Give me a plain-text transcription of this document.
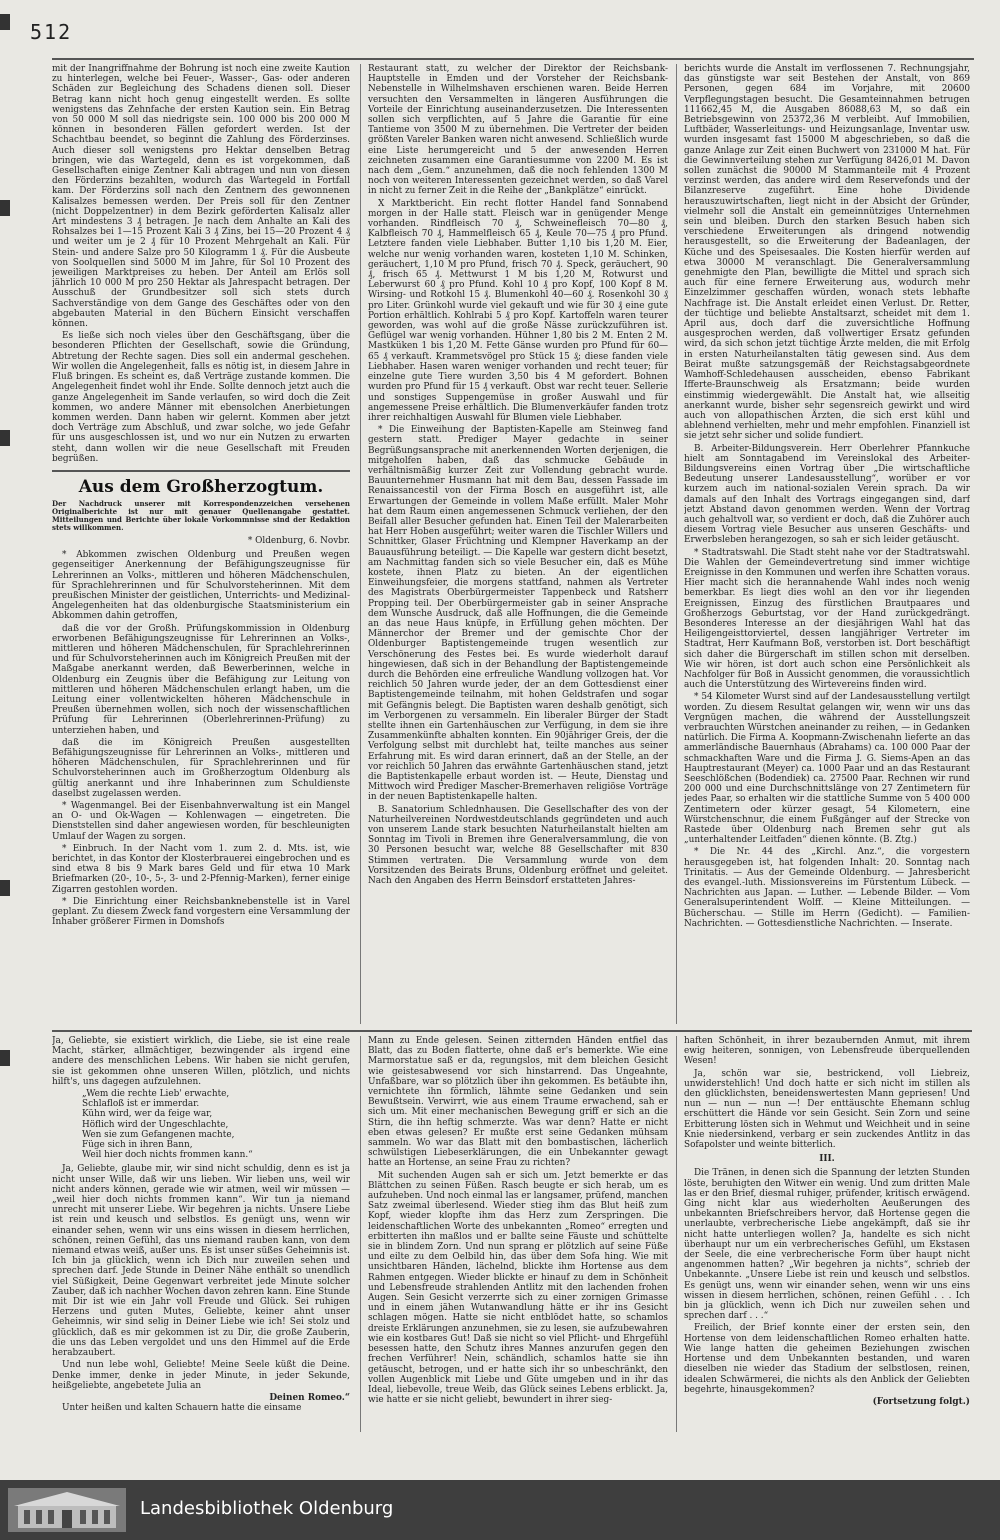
512

mit der Inangriffnahme der Bohrung ist noch eine zweite Kaution zu hinterlegen, welche bei Feuer-, Wasser-, Gas- oder anderen Schäden zur Begleichung des Schadens dienen soll. Dieser Betrag kann nicht hoch genug eingestellt werden. Es sollte wenigstens das Zehnfache der ersten Kaution sein. Ein Betrag von 50 000 M soll das niedrigste sein. 100 000 bis 200 000 M können in besonderen Fällen gefordert werden. Ist der Schachtbau beendet, so beginnt die Zahlung des Förderzinses. Auch dieser soll wenigstens pro Hektar denselben Betrag bringen, wie das Wartegeld, denn es ist vorgekommen, daß Gesellschaften einige Zentner Kali abtragen und nun von diesen den Förderzins bezahlten, wodurch das Wartegeld in Fortfall kam. Der Förderzins soll nach den Zentnern des gewonnenen Kalisalzes bemessen werden. Der Preis soll für den Zentner (nicht Doppelzentner) in dem Bezirk geförderten Kalisalz aller Art mindestens 3 ₰ betragen. Je nach dem Anhalte an Kali des Rohsalzes bei 1—15 Prozent Kali 3 ₰ Zins, bei 15—20 Prozent 4 ₰ und weiter um je 2 ₰ für 10 Prozent Mehrgehalt an Kali. Für Stein- und andere Salze pro 50 Kilogramm 1 ₰. Für die Ausbeute von Soolquellen sind 5000 M im Jahre, für Sol 10 Prozent des jeweiligen Marktpreises zu heben. Der Anteil am Erlös soll jährlich 10 000 M pro 250 Hektar als Jahrespacht betragen. Der Ausschuß der Grundbesitzer soll sich stets durch Sachverständige von dem Gange des Geschäftes oder von den abgebauten Material in den Büchern Einsicht verschaffen können.

Es ließe sich noch vieles über den Geschäftsgang, über die besonderen Pflichten der Gesellschaft, sowie die Gründung, Abtretung der Rechte sagen. Dies soll ein andermal geschehen. Wir wollen die Angelegenheit, falls es nötig ist, in diesem Jahre in Fluß bringen. Es scheint es, daß Verträge zustande kommen. Die Angelegenheit findet wohl ihr Ende. Sollte dennoch jetzt auch die ganze Angelegenheit im Sande verlaufen, so wird doch die Zeit kommen, wo andere Männer mit ebensolchen Anerbietungen kommen werden. Dann haben wir gelernt. Kommen aber jetzt doch Verträge zum Abschluß, und zwar solche, wo jede Gefahr für uns ausgeschlossen ist, und wo nur ein Nutzen zu erwarten steht, dann wollen wir die neue Gesellschaft mit Freuden begrüßen.

Aus dem Großherzogtum.
Der Nachdruck unserer mit Korrespondenzzeichen versehenen Originalberichte ist nur mit genauer Quellenangabe gestattet. Mitteilungen und Berichte über lokale Vorkommnisse sind der Redaktion stets willkommen.
* Oldenburg, 6. Novbr.

* Abkommen zwischen Oldenburg und Preußen wegen gegenseitiger Anerkennung der Befähigungszeugnisse für Lehrerinnen an Volks-, mittleren und höheren Mädchenschulen, für Sprachlehrerinnen und für Schulvorsteherinnen. Mit dem preußischen Minister der geistlichen, Unterrichts- und Medizinal-Angelegenheiten hat das oldenburgische Staatsministerium ein Abkommen dahin getroffen,

daß die vor der Großh. Prüfungskommission in Oldenburg erworbenen Befähigungszeugnisse für Lehrerinnen an Volks-, mittleren und höheren Mädchenschulen, für Sprachlehrerinnen und für Schulvorsteherinnen auch im Königreich Preußen mit der Maßgabe anerkannt werden, daß Bewerberinnen, welche in Oldenburg ein Zeugnis über die Befähigung zur Leitung von mittleren und höheren Mädchenschulen erlangt haben, um die Leitung einer vollentwickelten höheren Mädchenschule in Preußen übernehmen wollen, sich noch der wissenschaftlichen Prüfung für Lehrerinnen (Oberlehrerinnen-Prüfung) zu unterziehen haben, und

daß die im Königreich Preußen ausgestellten Befähigungszeugnisse für Lehrerinnen an Volks-, mittleren und höheren Mädchenschulen, für Sprachlehrerinnen und für Schulvorsteherinnen auch im Großherzogtum Oldenburg als gültig anerkannt und ihre Inhaberinnen zum Schuldienste daselbst zugelassen werden.

* Wagenmangel. Bei der Eisenbahnverwaltung ist ein Mangel an O- und Ok-Wagen — Kohlenwagen — eingetreten. Die Dienststellen sind daher angewiesen worden, für beschleunigten Umlauf der Wagen zu sorgen.

* Einbruch. In der Nacht vom 1. zum 2. d. Mts. ist, wie berichtet, in das Kontor der Klosterbrauerei eingebrochen und es sind etwa 8 bis 9 Mark bares Geld und für etwa 10 Mark Briefmarken (20-, 10-, 5-, 3- und 2-Pfennig-Marken), ferner einige Zigarren gestohlen worden.

* Die Einrichtung einer Reichsbanknebenstelle ist in Varel geplant. Zu diesem Zweck fand vorgestern eine Versammlung der Inhaber größerer Firmen in Domshofs

Restaurant statt, zu welcher der Direktor der Reichsbank-Hauptstelle in Emden und der Vorsteher der Reichsbank-Nebenstelle in Wilhelmshaven erschienen waren. Beide Herren versuchten den Versammelten in längeren Ausführungen die Vorteile der Einrichtung auseinanderzusetzen. Die Interessenten sollen sich verpflichten, auf 5 Jahre die Garantie für eine Tantieme von 3500 M zu übernehmen. Die Vertreter der beiden größten Vareler Banken waren nicht anwesend. Schließlich wurde eine Liste herumgereicht und 5 der anwesenden Herren zeichneten zusammen eine Garantiesumme von 2200 M. Es ist nach dem „Gem.“ anzunehmen, daß die noch fehlenden 1300 M noch von weiteren Interessenten gezeichnet werden, so daß Varel in nicht zu ferner Zeit in die Reihe der „Bankplätze“ einrückt.

X Marktbericht. Ein recht flotter Handel fand Sonnabend morgen in der Halle statt. Fleisch war in genügender Menge vorhanden. Rindfleisch 70 ₰, Schweinefleisch 70—80 ₰, Kalbfleisch 70 ₰, Hammelfleisch 65 ₰, Keule 70—75 ₰ pro Pfund. Letztere fanden viele Liebhaber. Butter 1,10 bis 1,20 M. Eier, welche nur wenig vorhanden waren, kosteten 1,10 M. Schinken, geräuchert, 1,10 M pro Pfund, frisch 70 ₰. Speck, geräuchert, 90 ₰, frisch 65 ₰. Mettwurst 1 M bis 1,20 M, Rotwurst und Leberwurst 60 ₰ pro Pfund. Kohl 10 ₰ pro Kopf, 100 Kopf 8 M. Wirsing- und Rotkohl 15 ₰. Blumenkohl 40—60 ₰. Rosenkohl 30 ₰ pro Liter. Grünkohl wurde viel gekauft und wie für 30 ₰ eine gute Portion erhältlich. Kohlrabi 5 ₰ pro Kopf. Kartoffeln waren teurer geworden, was wohl auf die große Nässe zurückzuführen ist. Geflügel war wenig vorhanden. Hühner 1,80 bis 2 M. Enten 2 M. Mastküken 1 bis 1,20 M. Fette Gänse wurden pro Pfund für 60—65 ₰ verkauft. Krammetsvögel pro Stück 15 ₰; diese fanden viele Liebhaber. Hasen waren weniger vorhanden und recht teuer; für einzelne gute Tiere wurden 3,50 bis 4 M gefordert. Bohnen wurden pro Pfund für 15 ₰ verkauft. Obst war recht teuer. Sellerie und sonstiges Suppengemüse in großer Auswahl und für angemessene Preise erhältlich. Die Blumenverkäufer fanden trotz ihrer reichhaltigen Auswahl für Blumen viele Liebhaber.

* Die Einweihung der Baptisten-Kapelle am Steinweg fand gestern statt. Prediger Mayer gedachte in seiner Begrüßungsansprache mit anerkennenden Worten derjenigen, die mitgeholfen haben, daß das schmucke Gebäude in verhältnismäßig kurzer Zeit zur Vollendung gebracht wurde. Bauunternehmer Husmann hat mit dem Bau, dessen Fassade im Renaissancestil von der Firma Bosch en ausgeführt ist, alle Erwartungen der Gemeinde in vollem Maße erfüllt. Maler Mohr hat dem Raum einen angemessenen Schmuck verliehen, der den Beifall aller Besucher gefunden hat. Einen Teil der Malerarbeiten hat Herr Hoben ausgeführt; weiter waren die Tischler Willers und Schnittker, Glaser Früchtning und Klempner Haverkamp an der Bauausführung beteiligt. — Die Kapelle war gestern dicht besetzt, am Nachmittag fanden sich so viele Besucher ein, daß es Mühe kostete, ihnen Platz zu bieten. An der eigentlichen Einweihungsfeier, die morgens stattfand, nahmen als Vertreter des Magistrats Oberbürgermeister Tappenbeck und Ratsherr Propping teil. Der Oberbürgermeister gab in seiner Ansprache dem Wunsche Ausdruck, daß alle Hoffnungen, die die Gemeinde an das neue Haus knüpfe, in Erfüllung gehen möchten. Der Männerchor der Bremer und der gemischte Chor der Oldenburger Baptistengemeinde trugen wesentlich zur Verschönerung des Festes bei. Es wurde wiederholt darauf hingewiesen, daß sich in der Behandlung der Baptistengemeinde durch die Behörden eine erfreuliche Wandlung vollzogen hat. Vor reichlich 50 Jahren wurde jeder, der an dem Gottesdienst einer Baptistengemeinde teilnahm, mit hohen Geldstrafen und sogar mit Gefängnis belegt. Die Baptisten waren deshalb genötigt, sich im Verborgenen zu versammeln. Ein liberaler Bürger der Stadt stellte ihnen ein Gartenhäuschen zur Verfügung, in dem sie ihre Zusammenkünfte abhalten konnten. Ein 90jähriger Greis, der die Verfolgung selbst mit durchlebt hat, teilte manches aus seiner Erfahrung mit. Es wird daran erinnert, daß an der Stelle, an der vor reichlich 50 Jahren das erwähnte Gartenhäuschen stand, jetzt die Baptistenkapelle erbaut worden ist. — Heute, Dienstag und Mittwoch wird Prediger Mascher-Bremerhaven religiöse Vorträge in der neuen Baptistenkapelle halten.

B. Sanatorium Schlednhausen. Die Gesellschafter des von der Naturheilvereinen Nordwestdeutschlands gegründeten und auch von unserem Lande stark besuchten Naturheilanstalt hielten am Sonntag im Tivoli in Bremen ihre Generalversammlung, die von 30 Personen besucht war, welche 88 Gesellschafter mit 830 Stimmen vertraten. Die Versammlung wurde von dem Vorsitzenden des Beirats Bruns, Oldenburg eröffnet und geleitet. Nach den Angaben des Herrn Beinsdorf erstatteten Jahres-

berichts wurde die Anstalt im verflossenen 7. Rechnungsjahr, das günstigste war seit Bestehen der Anstalt, von 869 Personen, gegen 684 im Vorjahre, mit 20600 Verpflegungstagen besucht. Die Gesamteinnahmen betrugen 111662,45 M, die Ausgaben 86088,63 M, so daß ein Betriebsgewinn von 25372,36 M verbleibt. Auf Immobilien, Luftbäder, Wasserleitungs- und Heizungsanlage, Inventar usw. wurden insgesamt fast 15000 M abgeschrieben, so daß die ganze Anlage zur Zeit einen Buchwert von 231000 M hat. Für die Gewinnverteilung stehen zur Verfügung 8426,01 M. Davon sollen zunächst die 90000 M Stammanteile mit 4 Prozent verzinst werden, das andere wird dem Reservefonds und der Bilanzreserve zugeführt. Eine hohe Dividende herauszuwirtschaften, liegt nicht in der Absicht der Gründer, vielmehr soll die Anstalt ein gemeinnütziges Unternehmen sein und bleiben. Durch den starken Besuch haben sich verschiedene Erweiterungen als dringend notwendig herausgestellt, so die Erweiterung der Badeanlagen, der Küche und des Speisesaales. Die Kosten hierfür werden auf etwa 30000 M veranschlagt. Die Generalversammlung genehmigte den Plan, bewilligte die Mittel und sprach sich auch für eine fernere Erweiterung aus, wodurch mehr Einzelzimmer geschaffen würden, wonach stets lebhafte Nachfrage ist. Die Anstalt erleidet einen Verlust. Dr. Retter, der tüchtige und beliebte Anstaltsarzt, scheidet mit dem 1. April aus, doch darf die zuversichtliche Hoffnung ausgesprochen werden, daß vollwertiger Ersatz gefunden wird, da sich schon jetzt tüchtige Ärzte melden, die mit Erfolg in ersten Naturheilanstalten tätig gewesen sind. Aus dem Beirat mußte satzungsgemäß der Reichstagsabgeordnete Wamhoff-Schledehausen ausscheiden, ebenso Fabrikant Ifferte-Braunschweig als Ersatzmann; beide wurden einstimmig wiedergewählt. Die Anstalt hat, wie allseitig anerkannt wurde, bisher sehr segensreich gewirkt und wird auch von allopathischen Ärzten, die sich erst kühl und ablehnend verhielten, mehr und mehr empfohlen. Finanziell ist sie jetzt sehr sicher und solide fundiert.

B. Arbeiter-Bildungsverein. Herr Oberlehrer Pfannkuche hielt am Sonntagabend im Vereinslokal des Arbeiter-Bildungsvereins einen Vortrag über „Die wirtschaftliche Bedeutung unserer Landesausstellung“, worüber er vor kurzem auch im national-sozialen Verein sprach. Da wir damals auf den Inhalt des Vortrags eingegangen sind, darf jetzt Abstand davon genommen werden. Wenn der Vortrag auch gehaltvoll war, so verdient er doch, daß die Zuhörer auch diesem Vortrag viele Besucher aus unseren Geschäfts- und Erwerbsleben herangezogen, so sah er sich leider getäuscht.

* Stadtratswahl. Die Stadt steht nahe vor der Stadtratswahl. Die Wahlen der Gemeindevertretung sind immer wichtige Ereignisse in den Kommunen und werfen ihre Schatten voraus. Hier macht sich die herannahende Wahl indes noch wenig bemerkbar. Es liegt dies wohl an den vor ihr liegenden Ereignissen, Einzug des fürstlichen Brautpaares und Großherzogs Geburtstag, vor der Hand zurückgedrängt. Besonderes Interesse an der diesjährigen Wahl hat das Heiligengeisttorviertel, dessen langjähriger Vertreter im Stadtrat, Herr Kaufmann Boß, verstorben ist. Dort beschäftigt sich daher die Bürgerschaft im stillen schon mit derselben. Wie wir hören, ist dort auch schon eine Persönlichkeit als Nachfolger für Boß in Aussicht genommen, die voraussichtlich auch die Unterstützung des Wirtevereins finden wird.

* 54 Kilometer Wurst sind auf der Landesausstellung vertilgt worden. Zu diesem Resultat gelangen wir, wenn wir uns das Vergnügen machen, die während der Ausstellungszeit verbrauchten Würstchen aneinander zu reihen, — in Gedanken natürlich. Die Firma A. Koopmann-Zwischenahn lieferte an das ammerländische Bauernhaus (Abrahams) ca. 100 000 Paar der schmackhaften Ware und die Firma J. G. Siems-Apen an das Hauptrestaurant (Meyer) ca. 1000 Paar und an das Restaurant Seeschlößchen (Bodendiek) ca. 27500 Paar. Rechnen wir rund 200 000 und eine Durchschnittslänge von 27 Zentimetern für jedes Paar, so erhalten wir die stattliche Summe von 5 400 000 Zentimetern oder kürzer gesagt, 54 Kilometern, eine Würstchenschnur, die einem Fußgänger auf der Strecke von Rastede über Oldenburg nach Bremen sehr gut als „unterhaltender Leitfaden“ dienen könnte. (B. Ztg.)

* Die Nr. 44 des „Kirchl. Anz.“, die vorgestern herausgegeben ist, hat folgenden Inhalt: 20. Sonntag nach Trinitatis. — Aus der Gemeinde Oldenburg. — Jahresbericht des evangel.-luth. Missionsvereins im Fürstentum Lübeck. — Nachrichten aus Japan. — Luther. — Lebende Bilder. — Vom Generalsuperintendent Wolff. — Kleine Mitteilungen. — Bücherschau. — Stille im Herrn (Gedicht). — Familien-Nachrichten. — Gottesdienstliche Nachrichten. — Inserate.

Ja, Geliebte, sie existiert wirklich, die Liebe, sie ist eine reale Macht, stärker, allmächtiger, bezwingender als irgend eine andere des menschlichen Lebens. Wir haben sie nicht gerufen, sie ist gekommen ohne unseren Willen, plötzlich, und nichts hilft's, uns dagegen aufzulehnen.

„Wem die rechte Lieb' erwachte,
Schlafloß ist er immerdar.
Kühn wird, wer da feige war,
Höflich wird der Ungeschlachte,
Wen sie zum Gefangenen machte,
Füge sich in ihren Bann,
Weil hier doch nichts frommen kann.“

Ja, Geliebte, glaube mir, wir sind nicht schuldig, denn es ist ja nicht unser Wille, daß wir uns lieben. Wir lieben uns, weil wir nicht anders können, gerade wie wir atmen, weil wir müssen — „weil hier doch nichts frommen kann“. Wir tun ja niemand unrecht mit unserer Liebe. Wir begehren ja nichts. Unsere Liebe ist rein und keusch und selbstlos. Es genügt uns, wenn wir einander sehen, wenn wir uns eins wissen in diesem herrlichen, schönen, reinen Gefühl, das uns niemand rauben kann, von dem niemand etwas weiß, außer uns. Es ist unser süßes Geheimnis ist. Ich bin ja glücklich, wenn ich Dich nur zuweilen sehen und sprechen darf. Jede Stunde in Deiner Nähe enthält so unendlich viel Süßigkeit, Deine Gegenwart verbreitet jede Minute solcher Zauber, daß ich nachher Wochen davon zehren kann. Eine Stunde mit Dir ist wie ein Jahr voll Freude und Glück. Sei ruhigen Herzens und guten Mutes, Geliebte, keiner ahnt unser Geheimnis, wir sind selig in Deiner Liebe wie ich! Sei stolz und glücklich, daß es mir gekommen ist zu Dir, die große Zauberin, die uns das Leben vergoldet und uns den Himmel auf die Erde herabzaubert.

Und nun lebe wohl, Geliebte! Meine Seele küßt die Deine. Denke immer, denke in jeder Minute, in jeder Sekunde, heißgeliebte, angebetete Julia an

Deinen Romeo.“

Unter heißen und kalten Schauern hatte die einsame

Mann zu Ende gelesen. Seinen zitternden Händen entfiel das Blatt, das zu Boden flatterte, ohne daß er's bemerkte. Wie eine Marmorstatue saß er da, regungslos, mit dem bleichen Gesicht wie geistesabwesend vor sich hinstarrend. Das Ungeahnte, Unfaßbare, war so plötzlich über ihn gekommen. Es betäubte ihn, vernichtete ihn förmlich, lähmte seine Gedanken und sein Bewußtsein. Verwirrt, wie aus einem Traume erwachend, sah er sich um. Mit einer mechanischen Bewegung griff er sich an die Stirn, die ihn heftig schmerzte. Was war denn? Hatte er nicht eben etwas gelesen? Er mußte erst seine Gedanken mühsam sammeln. Wo war das Blatt mit den bombastischen, lächerlich schwülstigen Liebeserklärungen, die ein Unbekannter gewagt hatte an Hortense, an seine Frau zu richten?

Mit suchenden Augen sah er sich um. Jetzt bemerkte er das Blättchen zu seinen Füßen. Rasch beugte er sich herab, um es aufzuheben. Und noch einmal las er langsamer, prüfend, manchen Satz zweimal überlesend. Wieder stieg ihm das Blut heiß zum Kopf, wieder klopfte ihm das Herz zum Zerspringen. Die leidenschaftlichen Worte des unbekannten „Romeo“ erregten und erbitterten ihn maßlos und er ballte seine Fäuste und schüttelte sie in blindem Zorn. Und nun sprang er plötzlich auf seine Füße und eilte zu dem Oelbild hin, das über dem Sofa hing. Wie mit unsichtbaren Händen, lächelnd, blickte ihm Hortense aus dem Rahmen entgegen. Wieder blickte er hinauf zu dem in Schönheit und Lebensfreude strahlenden Antlitz mit den lachenden frohen Augen. Sein Gesicht verzerrte sich zu einer zornigen Grimasse und in einem jähen Wutanwandlung hätte er ihr ins Gesicht schlagen mögen. Hatte sie nicht entblödet hatte, so schamlos dreiste Erklärungen anzunehmen, sie zu lesen, sie aufzubewahren wie ein kostbares Gut! Daß sie nicht so viel Pflicht- und Ehrgefühl besessen hatte, den Schutz ihres Mannes anzurufen gegen den frechen Verführer! Nein, schändlich, schamlos hatte sie ihn getäuscht, betrogen, und er hatte sich ihr so unbeschränkt, den vollen Augenblick mit Liebe und Güte umgeben und in ihr das Ideal, liebevolle, treue Weib, das Glück seines Lebens erblickt. Ja, wie hatte er sie nicht geliebt, bewundert in ihrer sieg-

haften Schönheit, in ihrer bezaubernden Anmut, mit ihrem ewig heiteren, sonnigen, von Lebensfreude überquellenden Wesen!

Ja, schön war sie, bestrickend, voll Liebreiz, unwiderstehlich! Und doch hatte er sich nicht im stillen als den glücklichsten, beneidenswertesten Mann gepriesen! Und nun — nun — nun —! Der enttäuschte Ehemann schlug erschüttert die Hände vor sein Gesicht. Sein Zorn und seine Erbitterung lösten sich in Wehmut und Weichheit und in seine Knie niedersinkend, verbarg er sein zuckendes Antlitz in das Sofapolster und weinte bitterlich.

III.

Die Tränen, in denen sich die Spannung der letzten Stunden löste, beruhigten den Witwer ein wenig. Und zum dritten Male las er den Brief, diesmal ruhiger, prüfender, kritisch erwägend. Ging nicht klar aus wiederholten Aeußerungen des unbekannten Briefschreibers hervor, daß Hortense gegen die unerlaubte, verbrecherische Liebe angekämpft, daß sie ihr nicht hatte unterliegen wollen? Ja, handelte es sich nicht überhaupt nur um ein verbrecherisches Gefühl, um Ekstasen der Seele, die eine verbrecherische Form über haupt nicht angenommen hatten? „Wir begehren ja nichts“, schrieb der Unbekannte. „Unsere Liebe ist rein und keusch und selbstlos. Es genügt uns, wenn wir einander sehen, wenn wir uns eins wissen in diesem herrlichen, schönen, reinen Gefühl . . . Ich bin ja glücklich, wenn ich Dich nur zuweilen sehen und sprechen darf . . .“

Freilich, der Brief konnte einer der ersten sein, den Hortense von dem leidenschaftlichen Romeo erhalten hatte. Wie lange hatten die geheimen Beziehungen zwischen Hortense und dem Unbekannten bestanden, und waren dieselben nie wieder das Stadium der selbstlosen, reinen, idealen Schwärmerei, die nichts als den Anblick der Geliebten begehrte, hinausgekommen?

(Fortsetzung folgt.)
Landesbibliothek Oldenburg
